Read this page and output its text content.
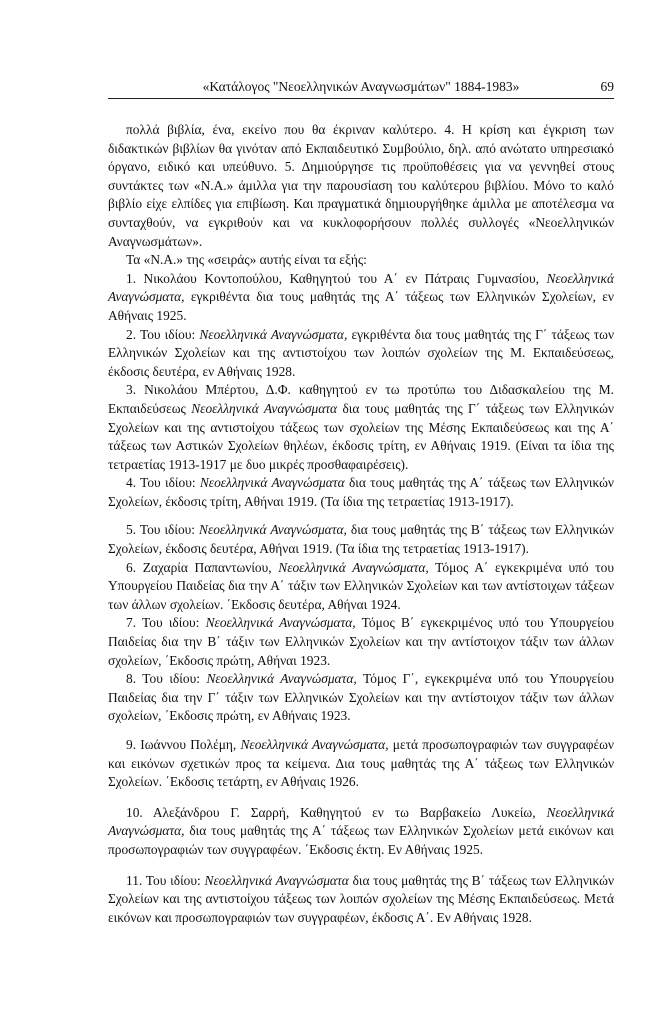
«Κατάλογος "Νεοελληνικών Αναγνωσμάτων" 1884-1983»	69

πολλά βιβλία, ένα, εκείνο που θα έκριναν καλύτερο. 4. Η κρίση και έγκριση των διδακτικών βιβλίων θα γινόταν από Εκπαιδευτικό Συμβούλιο, δηλ. από ανώτατο υπηρεσιακό όργανο, ειδικό και υπεύθυνο. 5. Δημιούργησε τις προϋποθέσεις για να γεννηθεί στους συντάκτες των «Ν.Α.» άμιλλα για την παρουσίαση του καλύτερου βιβλίου. Μόνο το καλό βιβλίο είχε ελπίδες για επιβίωση. Και πραγματικά δημιουργήθηκε άμιλλα με αποτέλεσμα να συνταχθούν, να εγκριθούν και να κυκλοφορήσουν πολλές συλλογές «Νεοελληνικών Αναγνωσμάτων».

Τα «Ν.Α.» της «σειράς» αυτής είναι τα εξής:

1. Νικολάου Κοντοπούλου, Καθηγητού του Α΄ εν Πάτραις Γυμνασίου, Νεοελληνικά Αναγνώσματα, εγκριθέντα δια τους μαθητάς της Α΄ τάξεως των Ελληνικών Σχολείων, εν Αθήναις 1925.

2. Του ιδίου: Νεοελληνικά Αναγνώσματα, εγκριθέντα δια τους μαθητάς της Γ΄ τάξεως των Ελληνικών Σχολείων και της αντιστοίχου των λοιπών σχολείων της Μ. Εκπαιδεύσεως, έκδοσις δευτέρα, εν Αθήναις 1928.

3. Νικολάου Μπέρτου, Δ.Φ. καθηγητού εν τω προτύπω του Διδασκαλείου της Μ. Εκπαιδεύσεως Νεοελληνικά Αναγνώσματα δια τους μαθητάς της Γ΄ τάξεως των Ελληνικών Σχολείων και της αντιστοίχου τάξεως των σχολείων της Μέσης Εκπαιδεύσεως και της Α΄ τάξεως των Αστικών Σχολείων θηλέων, έκδοσις τρίτη, εν Αθήναις 1919. (Είναι τα ίδια της τετραετίας 1913-1917 με δυο μικρές προσθαφαιρέσεις).

4. Του ιδίου: Νεοελληνικά Αναγνώσματα δια τους μαθητάς της Α΄ τάξεως των Ελληνικών Σχολείων, έκδοσις τρίτη, Αθήναι 1919. (Τα ίδια της τετραετίας 1913-1917).

5. Του ιδίου: Νεοελληνικά Αναγνώσματα, δια τους μαθητάς της Β΄ τάξεως των Ελληνικών Σχολείων, έκδοσις δευτέρα, Αθήναι 1919. (Τα ίδια της τετραετίας 1913-1917).

6. Ζαχαρία Παπαντωνίου, Νεοελληνικά Αναγνώσματα, Τόμος Α΄ εγκεκριμένα υπό του Υπουργείου Παιδείας δια την Α΄ τάξιν των Ελληνικών Σχολείων και των αντίστοιχων τάξεων των άλλων σχολείων. ΄Εκδοσις δευτέρα, Αθήναι 1924.

7. Του ιδίου: Νεοελληνικά Αναγνώσματα, Τόμος Β΄ εγκεκριμένος υπό του Υπουργείου Παιδείας δια την Β΄ τάξιν των Ελληνικών Σχολείων και την αντίστοιχον τάξιν των άλλων σχολείων, ΄Εκδοσις πρώτη, Αθήναι 1923.

8. Του ιδίου: Νεοελληνικά Αναγνώσματα, Τόμος Γ΄, εγκεκριμένα υπό του Υπουργείου Παιδείας δια την Γ΄ τάξιν των Ελληνικών Σχολείων και την αντίστοιχον τάξιν των άλλων σχολείων, ΄Εκδοσις πρώτη, εν Αθήναις 1923.

9. Ιωάννου Πολέμη, Νεοελληνικά Αναγνώσματα, μετά προσωπογραφιών των συγγραφέων και εικόνων σχετικών προς τα κείμενα. Δια τους μαθητάς της Α΄ τάξεως των Ελληνικών Σχολείων. ΄Εκδοσις τετάρτη, εν Αθήναις 1926.

10. Αλεξάνδρου Γ. Σαρρή, Καθηγητού εν τω Βαρβακείω Λυκείω, Νεοελληνικά Αναγνώσματα, δια τους μαθητάς της Α΄ τάξεως των Ελληνικών Σχολείων μετά εικόνων και προσωπογραφιών των συγγραφέων. ΄Εκδοσις έκτη. Εν Αθήναις 1925.

11. Του ιδίου: Νεοελληνικά Αναγνώσματα δια τους μαθητάς της Β΄ τάξεως των Ελληνικών Σχολείων και της αντιστοίχου τάξεως των λοιπών σχολείων της Μέσης Εκπαιδεύσεως. Μετά εικόνων και προσωπογραφιών των συγγραφέων, έκδοσις Α΄. Εν Αθήναις 1928.
